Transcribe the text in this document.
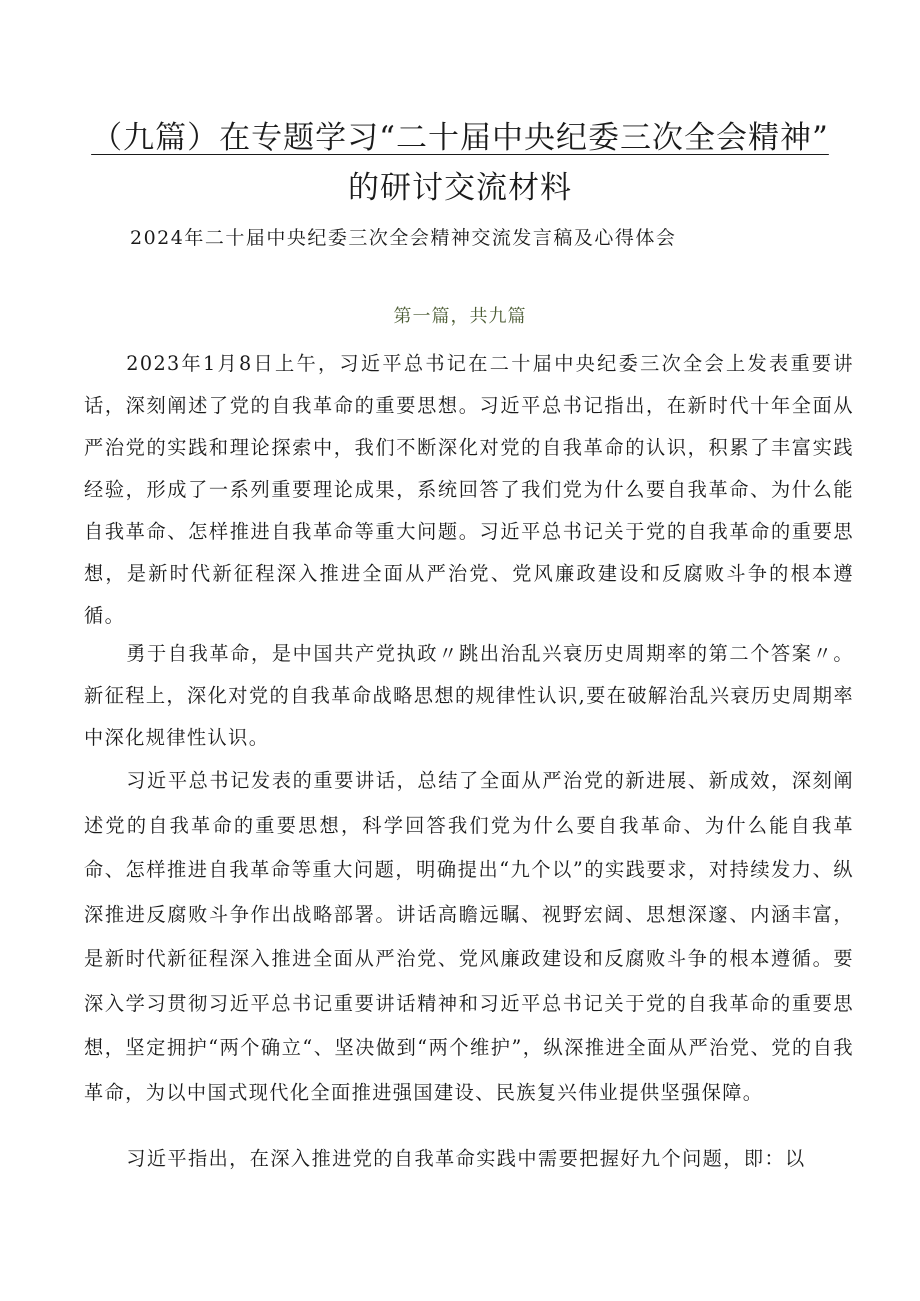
（九篇）在专题学习“二十届中央纪委三次全会精神”
的研讨交流材料
2024年二十届中央纪委三次全会精神交流发言稿及心得体会
第一篇，共九篇
2023年1月8日上午，习近平总书记在二十届中央纪委三次全会上发表重要讲话，深刻阐述了党的自我革命的重要思想。习近平总书记指出，在新时代十年全面从严治党的实践和理论探索中，我们不断深化对党的自我革命的认识，积累了丰富实践经验，形成了一系列重要理论成果，系统回答了我们党为什么要自我革命、为什么能自我革命、怎样推进自我革命等重大问题。习近平总书记关于党的自我革命的重要思想，是新时代新征程深入推进全面从严治党、党风廉政建设和反腐败斗争的根本遵循。
勇于自我革命，是中国共产党执政〃跳出治乱兴衰历史周期率的第二个答案〃。新征程上，深化对党的自我革命战略思想的规律性认识,要在破解治乱兴衰历史周期率中深化规律性认识。
习近平总书记发表的重要讲话，总结了全面从严治党的新进展、新成效，深刻阐述党的自我革命的重要思想，科学回答我们党为什么要自我革命、为什么能自我革命、怎样推进自我革命等重大问题，明确提出“九个以”的实践要求，对持续发力、纵深推进反腐败斗争作出战略部署。讲话高瞻远瞩、视野宏阔、思想深邃、内涵丰富，是新时代新征程深入推进全面从严治党、党风廉政建设和反腐败斗争的根本遵循。要深入学习贯彻习近平总书记重要讲话精神和习近平总书记关于党的自我革命的重要思想，坚定拥护“两个确立“、坚决做到“两个维护”，纵深推进全面从严治党、党的自我革命，为以中国式现代化全面推进强国建设、民族复兴伟业提供坚强保障。
习近平指出，在深入推进党的自我革命实践中需要把握好九个问题，即：以
